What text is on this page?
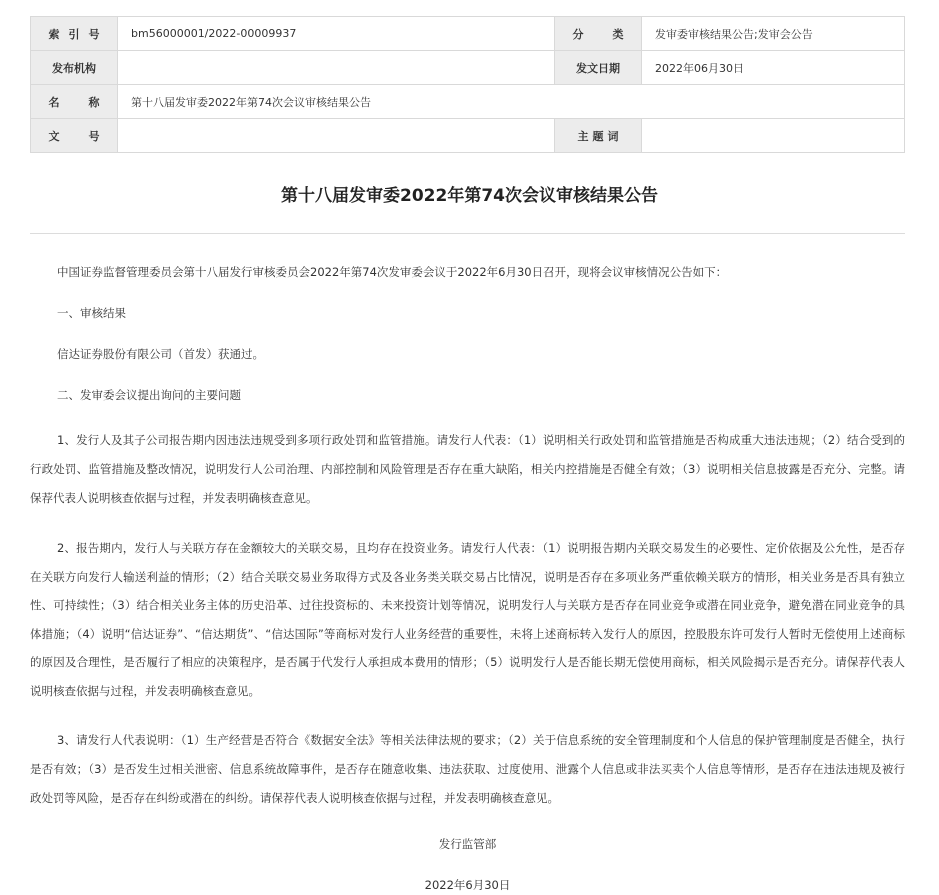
索引号	bm56000001/2022-00009937	分类	发审委审核结果公告;发审会公告
发布机构		发文日期	2022年06月30日
名称	第十八届发审委2022年第74次会议审核结果公告		
文号		主题词	
第十八届发审委2022年第74次会议审核结果公告

中国证券监督管理委员会第十八届发行审核委员会2022年第74次发审委会议于2022年6月30日召开，现将会议审核情况公告如下：

一、审核结果

信达证券股份有限公司（首发）获通过。

二、发审委会议提出询问的主要问题

1、发行人及其子公司报告期内因违法违规受到多项行政处罚和监管措施。请发行人代表：（1）说明相关行政处罚和监管措施是否构成重大违法违规；（2）结合受到的行政处罚、监管措施及整改情况，说明发行人公司治理、内部控制和风险管理是否存在重大缺陷，相关内控措施是否健全有效；（3）说明相关信息披露是否充分、完整。请保荐代表人说明核查依据与过程，并发表明确核查意见。

2、报告期内，发行人与关联方存在金额较大的关联交易，且均存在投资业务。请发行人代表：（1）说明报告期内关联交易发生的必要性、定价依据及公允性，是否存在关联方向发行人输送利益的情形；（2）结合关联交易业务取得方式及各业务类关联交易占比情况，说明是否存在多项业务严重依赖关联方的情形，相关业务是否具有独立性、可持续性；（3）结合相关业务主体的历史沿革、过往投资标的、未来投资计划等情况，说明发行人与关联方是否存在同业竞争或潜在同业竞争，避免潜在同业竞争的具体措施；（4）说明“信达证券”、“信达期货”、“信达国际”等商标对发行人业务经营的重要性，未将上述商标转入发行人的原因，控股股东许可发行人暂时无偿使用上述商标的原因及合理性，是否履行了相应的决策程序，是否属于代发行人承担成本费用的情形；（5）说明发行人是否能长期无偿使用商标，相关风险揭示是否充分。请保荐代表人说明核查依据与过程，并发表明确核查意见。

3、请发行人代表说明：（1）生产经营是否符合《数据安全法》等相关法律法规的要求；（2）关于信息系统的安全管理制度和个人信息的保护管理制度是否健全，执行是否有效；（3）是否发生过相关泄密、信息系统故障事件，是否存在随意收集、违法获取、过度使用、泄露个人信息或非法买卖个人信息等情形，是否存在违法违规及被行政处罚等风险，是否存在纠纷或潜在的纠纷。请保荐代表人说明核查依据与过程，并发表明确核查意见。

发行监管部

2022年6月30日
